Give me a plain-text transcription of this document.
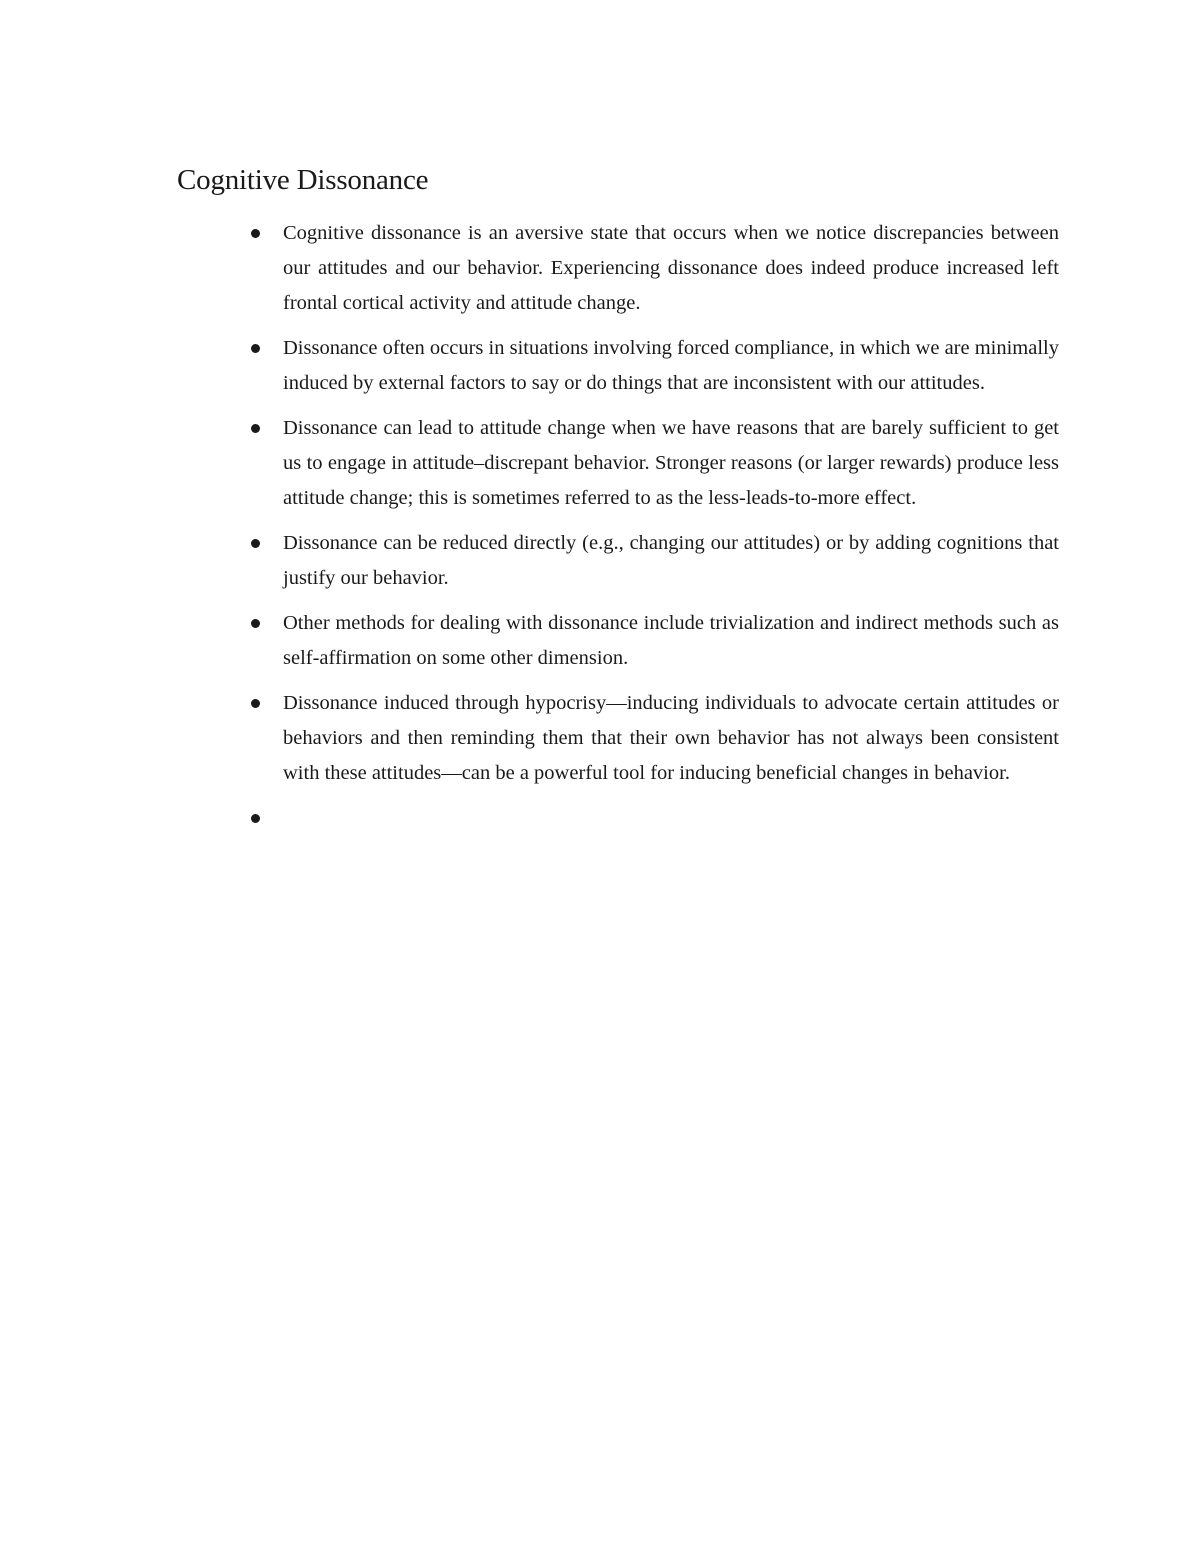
Cognitive Dissonance
Cognitive dissonance is an aversive state that occurs when we notice discrepancies between our attitudes and our behavior. Experiencing dissonance does indeed produce increased left frontal cortical activity and attitude change.
Dissonance often occurs in situations involving forced compliance, in which we are minimally induced by external factors to say or do things that are inconsistent with our attitudes.
Dissonance can lead to attitude change when we have reasons that are barely sufficient to get us to engage in attitude–discrepant behavior. Stronger reasons (or larger rewards) produce less attitude change; this is sometimes referred to as the less-leads-to-more effect.
Dissonance can be reduced directly (e.g., changing our attitudes) or by adding cognitions that justify our behavior.
Other methods for dealing with dissonance include trivialization and indirect methods such as self-affirmation on some other dimension.
Dissonance induced through hypocrisy—inducing individuals to advocate certain attitudes or behaviors and then reminding them that their own behavior has not always been consistent with these attitudes—can be a powerful tool for inducing beneficial changes in behavior.
